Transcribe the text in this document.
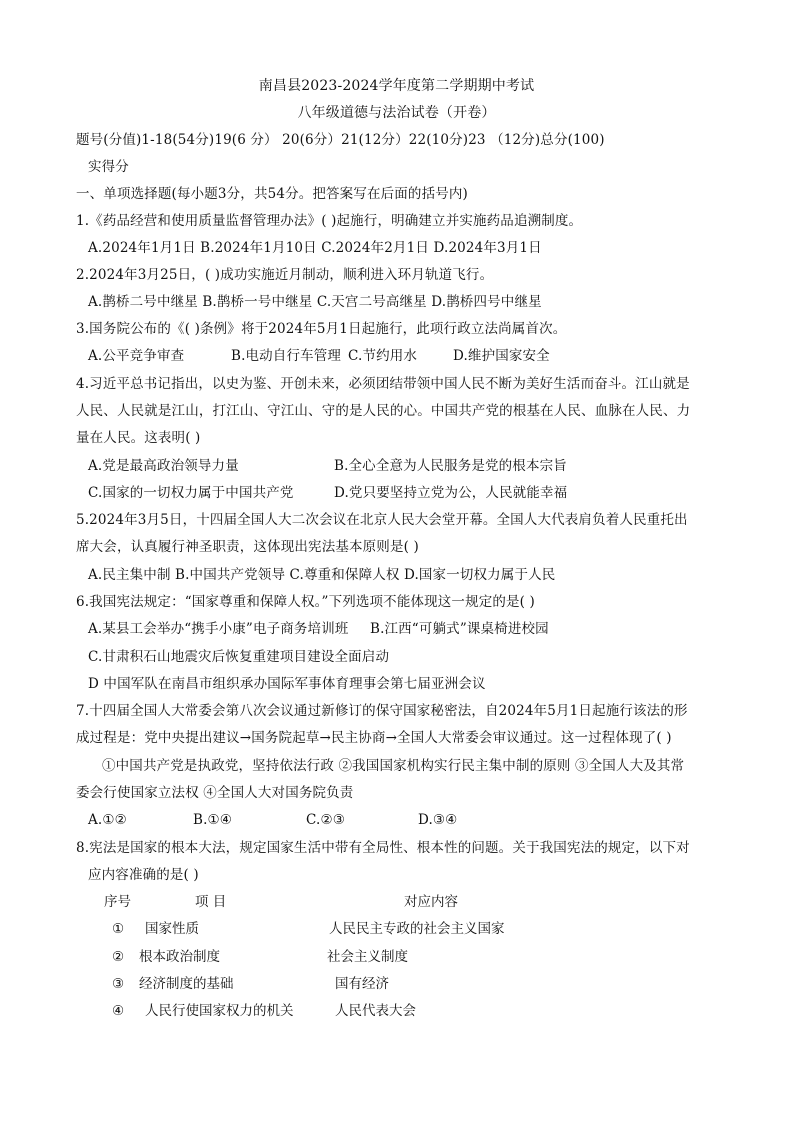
南昌县2023-2024学年度第二学期期中考试
八年级道德与法治试卷（开卷）
题号(分值)1-18(54分)19(6 分） 20(6分）21(12分）22(10分)23 （12分)总分(100)
实得分
一、单项选择题(每小题3分，共54分。把答案写在后面的括号内)
1.《药品经营和使用质量监督管理办法》( )起施行，明确建立并实施药品追溯制度。
A.2024年1月1日 B.2024年1月10日 C.2024年2月1日 D.2024年3月1日
2.2024年3月25日，( )成功实施近月制动，顺利进入环月轨道飞行。
A.鹊桥二号中继星 B.鹊桥一号中继星 C.天宫二号高继星 D.鹊桥四号中继星
3.国务院公布的《( )条例》将于2024年5月1日起施行，此项行政立法尚属首次。
A.公平竞争审查	B.电动自行车管理 C.节约用水	D.维护国家安全
4.习近平总书记指出，以史为鉴、开创未来，必须团结带领中国人民不断为美好生活而奋斗。江山就是
人民、人民就是江山，打江山、守江山、守的是人民的心。中国共产党的根基在人民、血脉在人民、力
量在人民。这表明( )
A.党是最高政治领导力量	B.全心全意为人民服务是党的根本宗旨
C.国家的一切权力属于中国共产党	D.党只要坚持立党为公，人民就能幸福
5.2024年3月5日，十四届全国人大二次会议在北京人民大会堂开幕。全国人大代表肩负着人民重托出
席大会，认真履行神圣职责，这体现出宪法基本原则是( )
A.民主集中制 B.中国共产党领导 C.尊重和保障人权 D.国家一切权力属于人民
6.我国宪法规定：“国家尊重和保障人权。”下列选项不能体现这一规定的是( )
A.某县工会举办“携手小康”电子商务培训班 B.江西“可躺式”课桌椅进校园
C.甘肃积石山地震灾后恢复重建项目建设全面启动
D 中国军队在南昌市组织承办国际军事体育理事会第七届亚洲会议
7.十四届全国人大常委会第八次会议通过新修订的保守国家秘密法，自2024年5月1日起施行该法的形
成过程是：党中央提出建议→国务院起草→民主协商→全国人大常委会审议通过。这一过程体现了( )
①中国共产党是执政党，坚持依法行政 ②我国国家机构实行民主集中制的原则 ③全国人大及其常
委会行使国家立法权 ④全国人大对国务院负责
A.①②	B.①④	C.②③	D.③④
8.宪法是国家的根本大法，规定国家生活中带有全局性、根本性的问题。关于我国宪法的规定，以下对
应内容准确的是( )
序号	项 目	对应内容
① 国家性质	人民民主专政的社会主义国家
② 根本政治制度	社会主义制度
③ 经济制度的基础	国有经济
④ 人民行使国家权力的机关	人民代表大会
